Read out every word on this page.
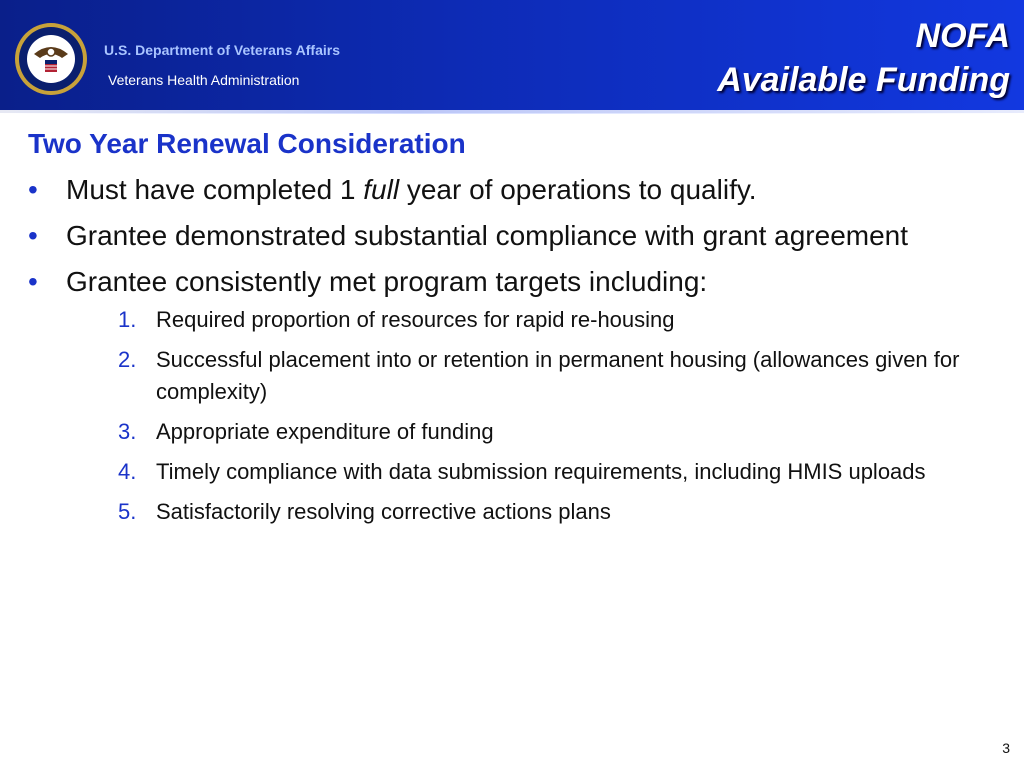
U.S. Department of Veterans Affairs
Veterans Health Administration
NOFA
Available Funding
Two Year Renewal Consideration
• Must have completed 1 full year of operations to qualify.
• Grantee demonstrated substantial compliance with grant agreement
• Grantee consistently met program targets including:
1. Required proportion of resources for rapid re-housing
2. Successful placement into or retention in permanent housing (allowances given for complexity)
3. Appropriate expenditure of funding
4. Timely compliance with data submission requirements, including HMIS uploads
5. Satisfactorily resolving corrective actions plans
3
